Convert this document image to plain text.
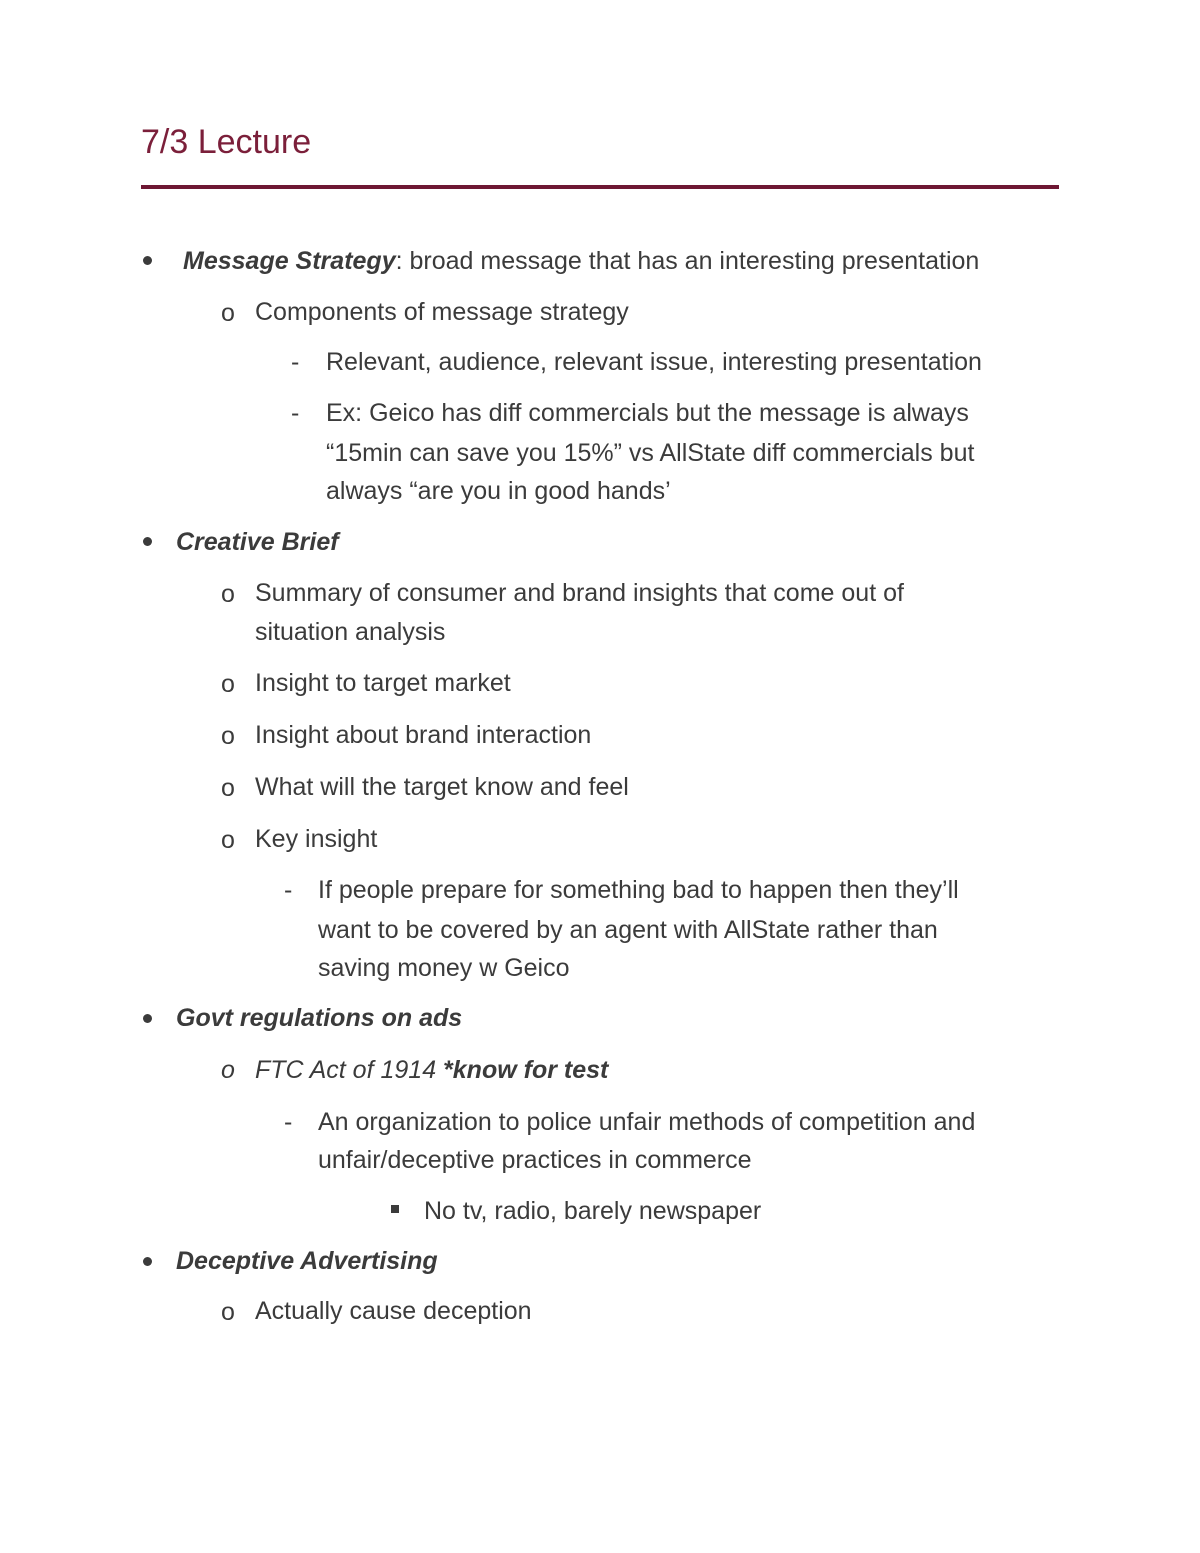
7/3 Lecture
Message Strategy: broad message that has an interesting presentation
o Components of message strategy
- Relevant, audience, relevant issue, interesting presentation
- Ex: Geico has diff commercials but the message is always
“15min can save you 15%” vs AllState diff commercials but
always “are you in good hands’
Creative Brief
o Summary of consumer and brand insights that come out of
situation analysis
o Insight to target market
o Insight about brand interaction
o What will the target know and feel
o Key insight
- If people prepare for something bad to happen then they’ll
want to be covered by an agent with AllState rather than
saving money w Geico
Govt regulations on ads
o FTC Act of 1914 *know for test
- An organization to police unfair methods of competition and
unfair/deceptive practices in commerce
No tv, radio, barely newspaper
Deceptive Advertising
o Actually cause deception
